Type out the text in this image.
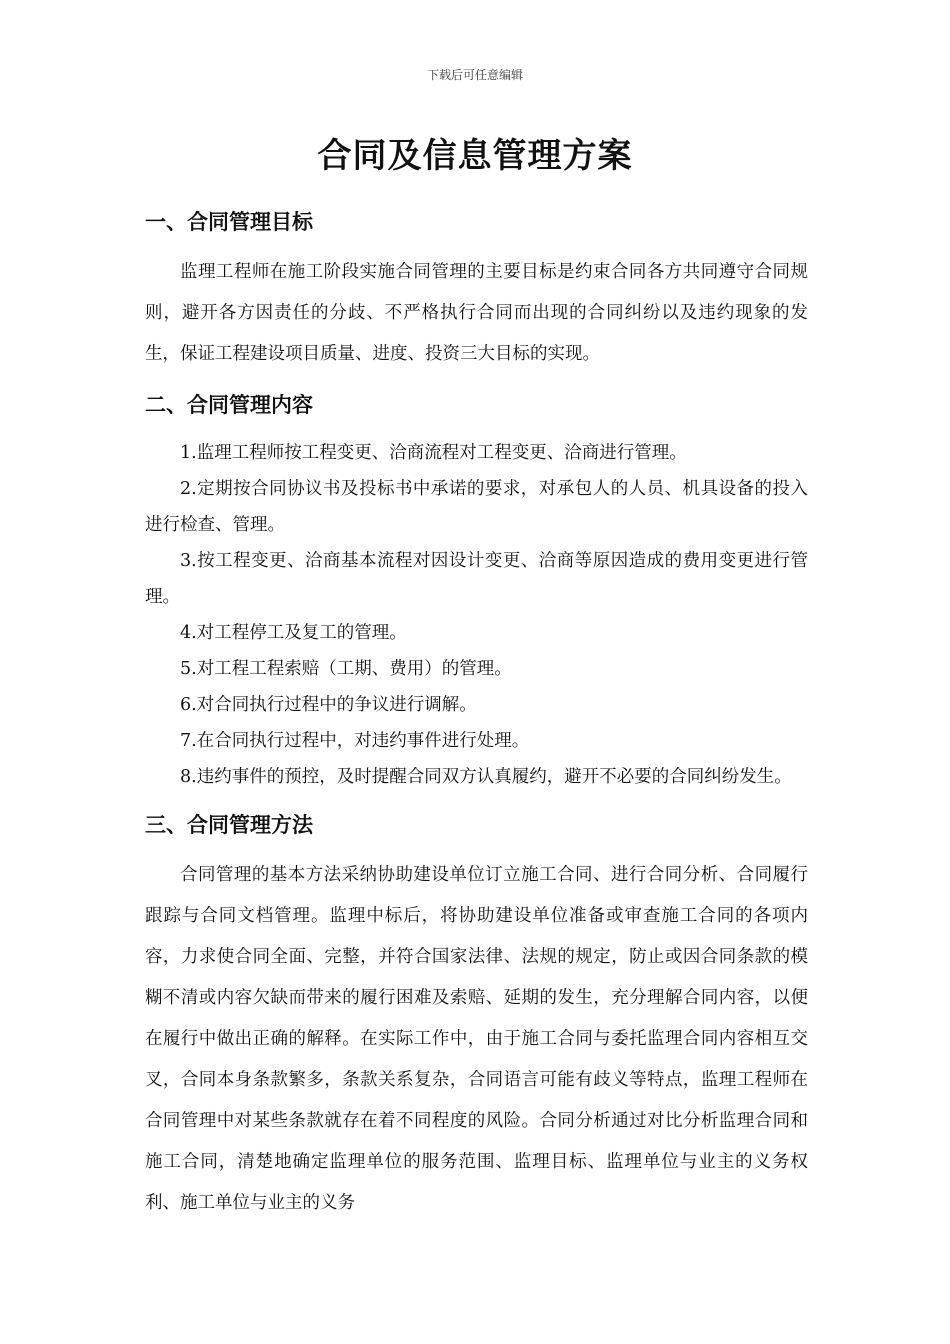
下载后可任意编辑
合同及信息管理方案
一、合同管理目标

监理工程师在施工阶段实施合同管理的主要目标是约束合同各方共同遵守合同规则，避开各方因责任的分歧、不严格执行合同而出现的合同纠纷以及违约现象的发生，保证工程建设项目质量、进度、投资三大目标的实现。

二、合同管理内容

1.监理工程师按工程变更、洽商流程对工程变更、洽商进行管理。

2.定期按合同协议书及投标书中承诺的要求，对承包人的人员、机具设备的投入进行检查、管理。

3.按工程变更、洽商基本流程对因设计变更、洽商等原因造成的费用变更进行管理。

4.对工程停工及复工的管理。

5.对工程工程索赔（工期、费用）的管理。

6.对合同执行过程中的争议进行调解。

7.在合同执行过程中，对违约事件进行处理。

8.违约事件的预控，及时提醒合同双方认真履约，避开不必要的合同纠纷发生。

三、合同管理方法

合同管理的基本方法采纳协助建设单位订立施工合同、进行合同分析、合同履行跟踪与合同文档管理。监理中标后，将协助建设单位准备或审查施工合同的各项内容，力求使合同全面、完整，并符合国家法律、法规的规定，防止或因合同条款的模糊不清或内容欠缺而带来的履行困难及索赔、延期的发生，充分理解合同内容，以便在履行中做出正确的解释。在实际工作中，由于施工合同与委托监理合同内容相互交叉，合同本身条款繁多，条款关系复杂，合同语言可能有歧义等特点，监理工程师在合同管理中对某些条款就存在着不同程度的风险。合同分析通过对比分析监理合同和施工合同，清楚地确定监理单位的服务范围、监理目标、监理单位与业主的义务权利、施工单位与业主的义务
